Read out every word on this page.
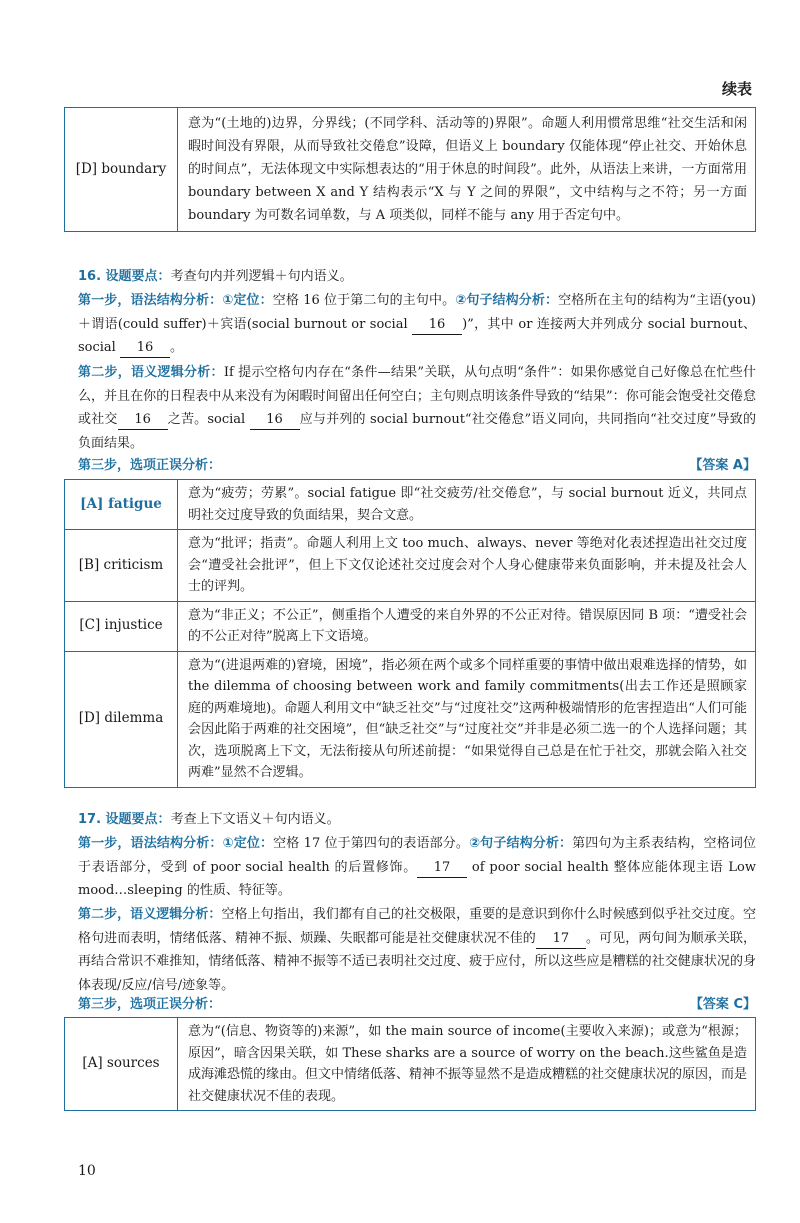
续表
[D] boundary	意为“(土地的)边界，分界线；(不同学科、活动等的)界限”。命题人利用惯常思维“社交生活和闲暇时间没有界限，从而导致社交倦怠”设障，但语义上 boundary 仅能体现“停止社交、开始休息的时间点”，无法体现文中实际想表达的“用于休息的时间段”。此外，从语法上来讲，一方面常用 boundary between X and Y 结构表示“X 与 Y 之间的界限”，文中结构与之不符；另一方面 boundary 为可数名词单数，与 A 项类似，同样不能与 any 用于否定句中。
16. 设题要点：考查句内并列逻辑＋句内语义。
第一步，语法结构分析：①定位：空格 16 位于第二句的主句中。②句子结构分析：空格所在主句的结构为“主语(you)＋谓语(could suffer)＋宾语(social burnout or social 16 )”，其中 or 连接两大并列成分 social burnout、social 16 。
第二步，语义逻辑分析：If 提示空格句内存在“条件—结果”关联，从句点明“条件”：如果你感觉自己好像总在忙些什么，并且在你的日程表中从来没有为闲暇时间留出任何空白；主句则点明该条件导致的“结果”：你可能会饱受社交倦怠或社交 16 之苦。social 16 应与并列的 social burnout“社交倦怠”语义同向，共同指向“社交过度”导致的负面结果。
第三步，选项正误分析：	【答案 A】
[A] fatigue	意为“疲劳；劳累”。social fatigue 即“社交疲劳/社交倦怠”，与 social burnout 近义，共同点明社交过度导致的负面结果，契合文意。
[B] criticism	意为“批评；指责”。命题人利用上文 too much、always、never 等绝对化表述捏造出社交过度会“遭受社会批评”，但上下文仅论述社交过度会对个人身心健康带来负面影响，并未提及社会人士的评判。
[C] injustice	意为“非正义；不公正”，侧重指个人遭受的来自外界的不公正对待。错误原因同 B 项：“遭受社会的不公正对待”脱离上下文语境。
[D] dilemma	意为“(进退两难的)窘境，困境”，指必须在两个或多个同样重要的事情中做出艰难选择的情势，如 the dilemma of choosing between work and family commitments(出去工作还是照顾家庭的两难境地)。命题人利用文中“缺乏社交”与“过度社交”这两种极端情形的危害捏造出“人们可能会因此陷于两难的社交困境”，但“缺乏社交”与“过度社交”并非是必须二选一的个人选择问题；其次，选项脱离上下文，无法衔接从句所述前提：“如果觉得自己总是在忙于社交，那就会陷入社交两难”显然不合逻辑。
17. 设题要点：考查上下文语义＋句内语义。
第一步，语法结构分析：①定位：空格 17 位于第四句的表语部分。②句子结构分析：第四句为主系表结构，空格词位于表语部分，受到 of poor social health 的后置修饰。 17 of poor social health 整体应能体现主语 Low mood…sleeping 的性质、特征等。
第二步，语义逻辑分析：空格上句指出，我们都有自己的社交极限，重要的是意识到你什么时候感到似乎社交过度。空格句进而表明，情绪低落、精神不振、烦躁、失眠都可能是社交健康状况不佳的 17 。可见，两句间为顺承关联，再结合常识不难推知，情绪低落、精神不振等不适已表明社交过度、疲于应付，所以这些应是糟糕的社交健康状况的身体表现/反应/信号/迹象等。
第三步，选项正误分析：	【答案 C】
[A] sources	意为“(信息、物资等的)来源”，如 the main source of income(主要收入来源)；或意为“根源；原因”，暗含因果关联，如 These sharks are a source of worry on the beach.这些鲨鱼是造成海滩恐慌的缘由。但文中情绪低落、精神不振等显然不是造成糟糕的社交健康状况的原因，而是社交健康状况不佳的表现。
10
